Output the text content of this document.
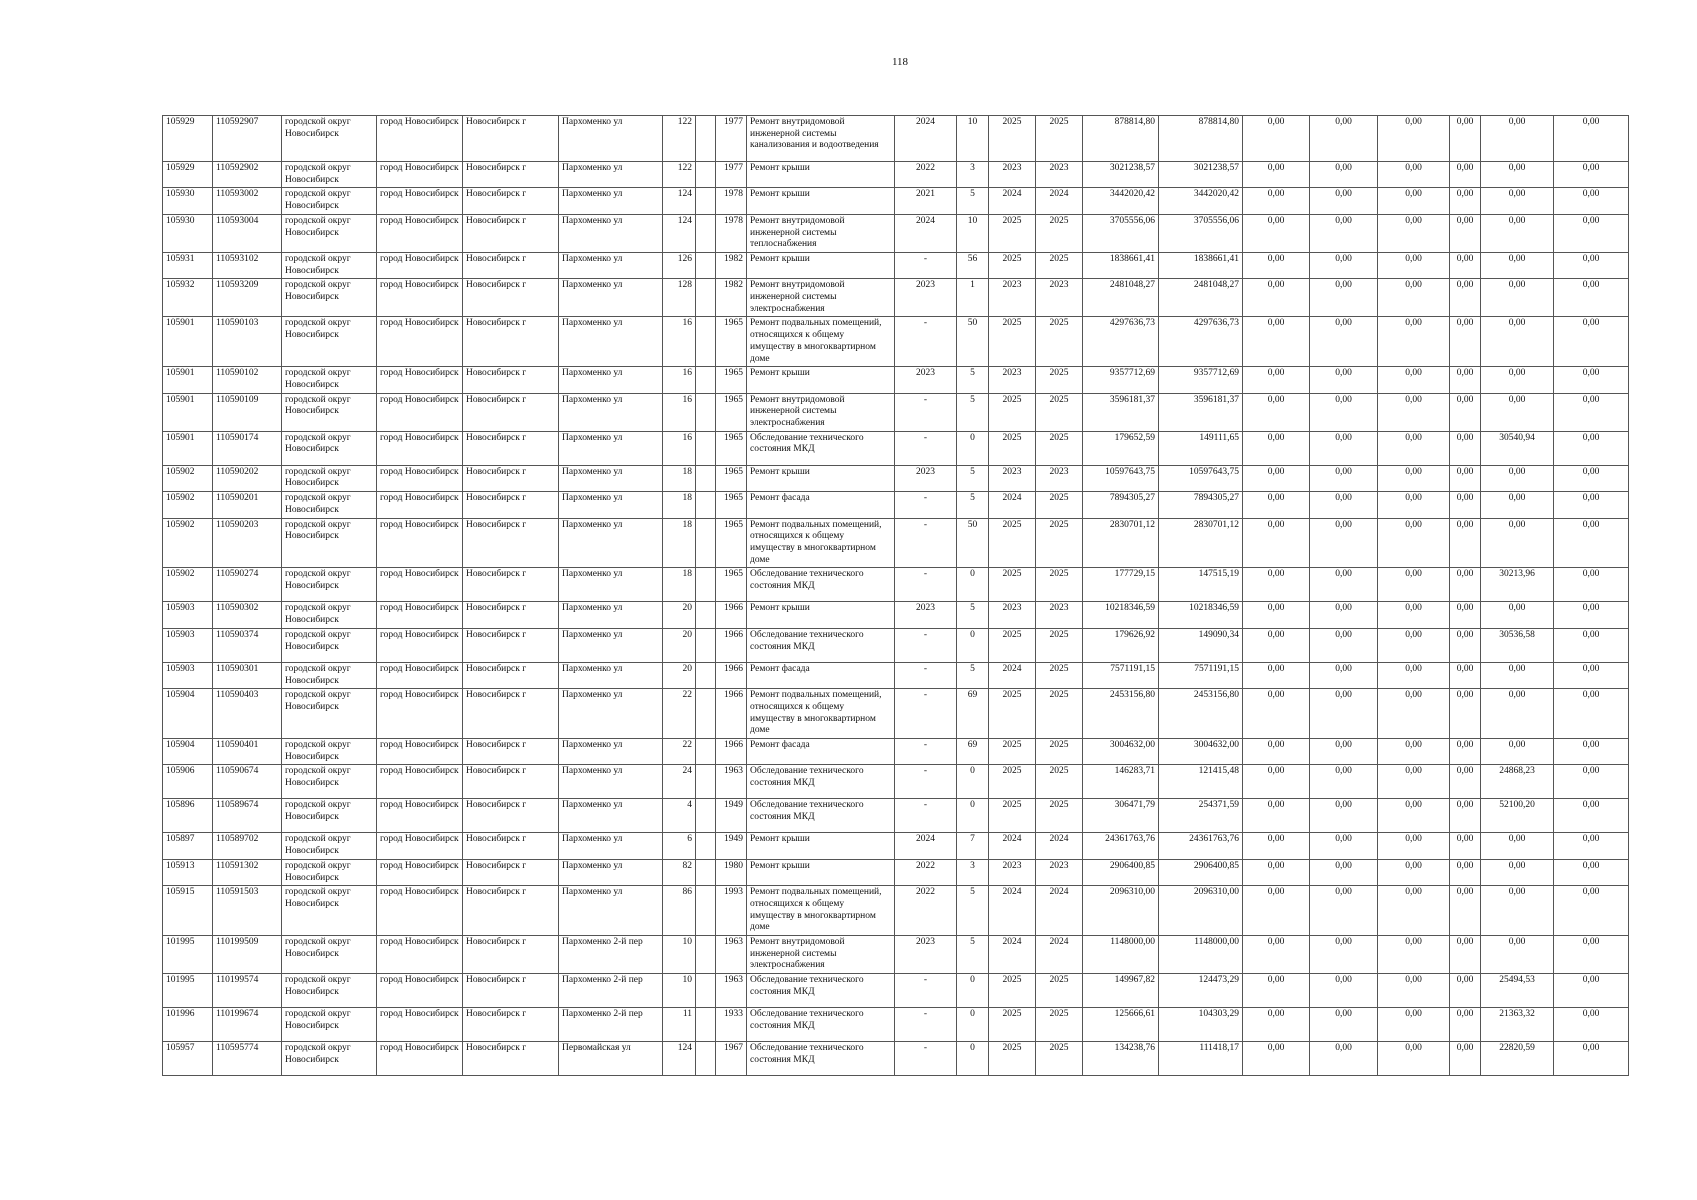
118
105929	110592907	городской округ Новосибирск	город Новосибирск	Новосибирск г	Пархоменко ул	122		1977	Ремонт внутридомовой инженерной системы канализования и водоотведения	2024	10	2025	2025	878814,80	878814,80	0,00	0,00	0,00	0,00	0,00	0,00
105929	110592902	городской округ Новосибирск	город Новосибирск	Новосибирск г	Пархоменко ул	122		1977	Ремонт крыши	2022	3	2023	2023	3021238,57	3021238,57	0,00	0,00	0,00	0,00	0,00	0,00
105930	110593002	городской округ Новосибирск	город Новосибирск	Новосибирск г	Пархоменко ул	124		1978	Ремонт крыши	2021	5	2024	2024	3442020,42	3442020,42	0,00	0,00	0,00	0,00	0,00	0,00
105930	110593004	городской округ Новосибирск	город Новосибирск	Новосибирск г	Пархоменко ул	124		1978	Ремонт внутридомовой инженерной системы теплоснабжения	2024	10	2025	2025	3705556,06	3705556,06	0,00	0,00	0,00	0,00	0,00	0,00
105931	110593102	городской округ Новосибирск	город Новосибирск	Новосибирск г	Пархоменко ул	126		1982	Ремонт крыши	-	56	2025	2025	1838661,41	1838661,41	0,00	0,00	0,00	0,00	0,00	0,00
105932	110593209	городской округ Новосибирск	город Новосибирск	Новосибирск г	Пархоменко ул	128		1982	Ремонт внутридомовой инженерной системы электроснабжения	2023	1	2023	2023	2481048,27	2481048,27	0,00	0,00	0,00	0,00	0,00	0,00
105901	110590103	городской округ Новосибирск	город Новосибирск	Новосибирск г	Пархоменко ул	16		1965	Ремонт подвальных помещений, относящихся к общему имуществу в многоквартирном доме	-	50	2025	2025	4297636,73	4297636,73	0,00	0,00	0,00	0,00	0,00	0,00
105901	110590102	городской округ Новосибирск	город Новосибирск	Новосибирск г	Пархоменко ул	16		1965	Ремонт крыши	2023	5	2023	2025	9357712,69	9357712,69	0,00	0,00	0,00	0,00	0,00	0,00
105901	110590109	городской округ Новосибирск	город Новосибирск	Новосибирск г	Пархоменко ул	16		1965	Ремонт внутридомовой инженерной системы электроснабжения	-	5	2025	2025	3596181,37	3596181,37	0,00	0,00	0,00	0,00	0,00	0,00
105901	110590174	городской округ Новосибирск	город Новосибирск	Новосибирск г	Пархоменко ул	16		1965	Обследование технического состояния МКД	-	0	2025	2025	179652,59	149111,65	0,00	0,00	0,00	0,00	30540,94	0,00
105902	110590202	городской округ Новосибирск	город Новосибирск	Новосибирск г	Пархоменко ул	18		1965	Ремонт крыши	2023	5	2023	2023	10597643,75	10597643,75	0,00	0,00	0,00	0,00	0,00	0,00
105902	110590201	городской округ Новосибирск	город Новосибирск	Новосибирск г	Пархоменко ул	18		1965	Ремонт фасада	-	5	2024	2025	7894305,27	7894305,27	0,00	0,00	0,00	0,00	0,00	0,00
105902	110590203	городской округ Новосибирск	город Новосибирск	Новосибирск г	Пархоменко ул	18		1965	Ремонт подвальных помещений, относящихся к общему имуществу в многоквартирном доме	-	50	2025	2025	2830701,12	2830701,12	0,00	0,00	0,00	0,00	0,00	0,00
105902	110590274	городской округ Новосибирск	город Новосибирск	Новосибирск г	Пархоменко ул	18		1965	Обследование технического состояния МКД	-	0	2025	2025	177729,15	147515,19	0,00	0,00	0,00	0,00	30213,96	0,00
105903	110590302	городской округ Новосибирск	город Новосибирск	Новосибирск г	Пархоменко ул	20		1966	Ремонт крыши	2023	5	2023	2023	10218346,59	10218346,59	0,00	0,00	0,00	0,00	0,00	0,00
105903	110590374	городской округ Новосибирск	город Новосибирск	Новосибирск г	Пархоменко ул	20		1966	Обследование технического состояния МКД	-	0	2025	2025	179626,92	149090,34	0,00	0,00	0,00	0,00	30536,58	0,00
105903	110590301	городской округ Новосибирск	город Новосибирск	Новосибирск г	Пархоменко ул	20		1966	Ремонт фасада	-	5	2024	2025	7571191,15	7571191,15	0,00	0,00	0,00	0,00	0,00	0,00
105904	110590403	городской округ Новосибирск	город Новосибирск	Новосибирск г	Пархоменко ул	22		1966	Ремонт подвальных помещений, относящихся к общему имуществу в многоквартирном доме	-	69	2025	2025	2453156,80	2453156,80	0,00	0,00	0,00	0,00	0,00	0,00
105904	110590401	городской округ Новосибирск	город Новосибирск	Новосибирск г	Пархоменко ул	22		1966	Ремонт фасада	-	69	2025	2025	3004632,00	3004632,00	0,00	0,00	0,00	0,00	0,00	0,00
105906	110590674	городской округ Новосибирск	город Новосибирск	Новосибирск г	Пархоменко ул	24		1963	Обследование технического состояния МКД	-	0	2025	2025	146283,71	121415,48	0,00	0,00	0,00	0,00	24868,23	0,00
105896	110589674	городской округ Новосибирск	город Новосибирск	Новосибирск г	Пархоменко ул	4		1949	Обследование технического состояния МКД	-	0	2025	2025	306471,79	254371,59	0,00	0,00	0,00	0,00	52100,20	0,00
105897	110589702	городской округ Новосибирск	город Новосибирск	Новосибирск г	Пархоменко ул	6		1949	Ремонт крыши	2024	7	2024	2024	24361763,76	24361763,76	0,00	0,00	0,00	0,00	0,00	0,00
105913	110591302	городской округ Новосибирск	город Новосибирск	Новосибирск г	Пархоменко ул	82		1980	Ремонт крыши	2022	3	2023	2023	2906400,85	2906400,85	0,00	0,00	0,00	0,00	0,00	0,00
105915	110591503	городской округ Новосибирск	город Новосибирск	Новосибирск г	Пархоменко ул	86		1993	Ремонт подвальных помещений, относящихся к общему имуществу в многоквартирном доме	2022	5	2024	2024	2096310,00	2096310,00	0,00	0,00	0,00	0,00	0,00	0,00
101995	110199509	городской округ Новосибирск	город Новосибирск	Новосибирск г	Пархоменко 2-й пер	10		1963	Ремонт внутридомовой инженерной системы электроснабжения	2023	5	2024	2024	1148000,00	1148000,00	0,00	0,00	0,00	0,00	0,00	0,00
101995	110199574	городской округ Новосибирск	город Новосибирск	Новосибирск г	Пархоменко 2-й пер	10		1963	Обследование технического состояния МКД	-	0	2025	2025	149967,82	124473,29	0,00	0,00	0,00	0,00	25494,53	0,00
101996	110199674	городской округ Новосибирск	город Новосибирск	Новосибирск г	Пархоменко 2-й пер	11		1933	Обследование технического состояния МКД	-	0	2025	2025	125666,61	104303,29	0,00	0,00	0,00	0,00	21363,32	0,00
105957	110595774	городской округ Новосибирск	город Новосибирск	Новосибирск г	Первомайская ул	124		1967	Обследование технического состояния МКД	-	0	2025	2025	134238,76	111418,17	0,00	0,00	0,00	0,00	22820,59	0,00
